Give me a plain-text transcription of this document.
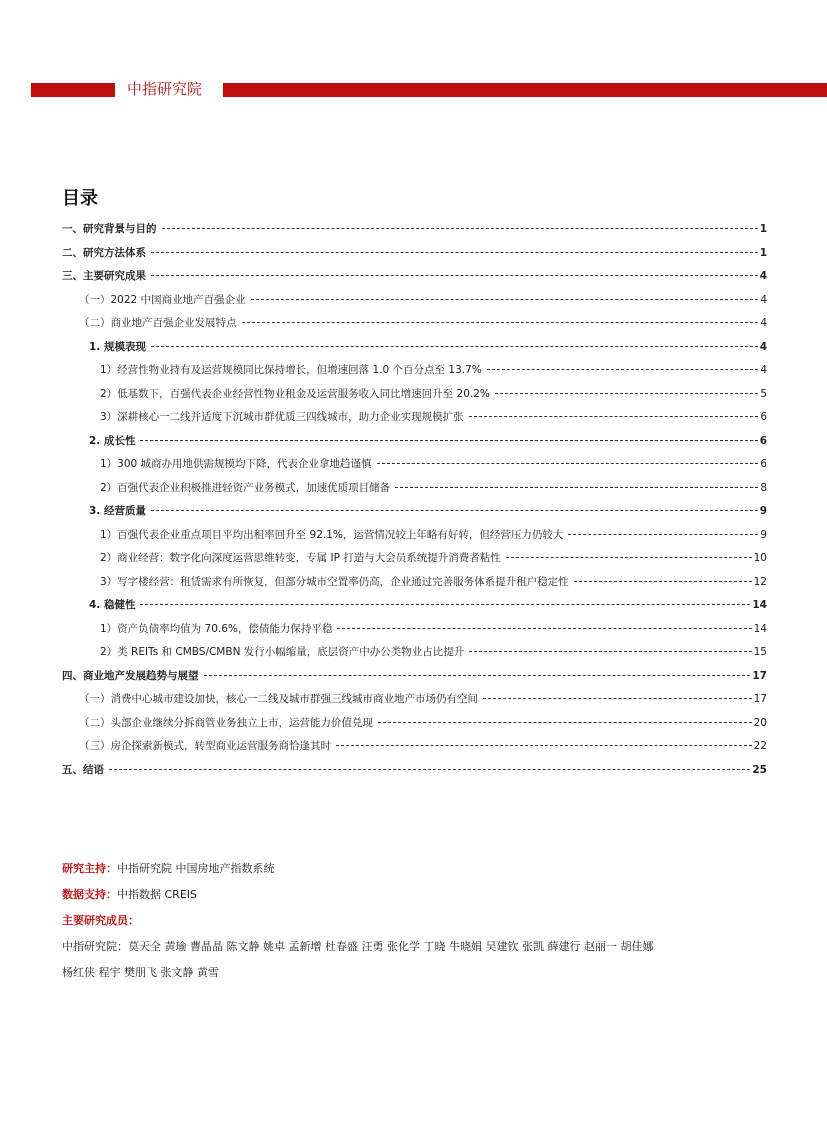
中指研究院
目录
一、研究背景与目的	1
二、研究方法体系	1
三、主要研究成果	4
（一）2022 中国商业地产百强企业	4
（二）商业地产百强企业发展特点	4
1. 规模表现	4
1）经营性物业持有及运营规模同比保持增长，但增速回落 1.0 个百分点至 13.7%	4
2）低基数下，百强代表企业经营性物业租金及运营服务收入同比增速回升至 20.2%	5
3）深耕核心一二线并适度下沉城市群优质三四线城市，助力企业实现规模扩张	6
2. 成长性	6
1）300 城商办用地供需规模均下降，代表企业拿地趋谨慎	6
2）百强代表企业积极推进轻资产业务模式，加速优质项目储备	8
3. 经营质量	9
1）百强代表企业重点项目平均出租率回升至 92.1%，运营情况较上年略有好转，但经营压力仍较大	9
2）商业经营：数字化向深度运营思维转变，专属 IP 打造与大会员系统提升消费者粘性	10
3）写字楼经营：租赁需求有所恢复，但部分城市空置率仍高，企业通过完善服务体系提升租户稳定性	12
4. 稳健性	14
1）资产负债率均值为 70.6%，偿债能力保持平稳	14
2）类 REITs 和 CMBS/CMBN 发行小幅缩量，底层资产中办公类物业占比提升	15
四、商业地产发展趋势与展望	17
（一）消费中心城市建设加快，核心一二线及城市群强三线城市商业地产市场仍有空间	17
（二）头部企业继续分拆商管业务独立上市，运营能力价值兑现	20
（三）房企探索新模式，转型商业运营服务商恰逢其时	22
五、结语	25
研究主持：中指研究院 中国房地产指数系统
数据支持：中指数据 CREIS
主要研究成员：
中指研究院：莫天全 黄瑜 曹晶晶 陈文静 姚卓 孟新增 杜春盛 汪勇 张化学 丁晓 牛晓娟 吴建钦 张凯 薛建行 赵丽一 胡佳娜
杨红侠 程宇 樊朋飞 张文静 黄雪
